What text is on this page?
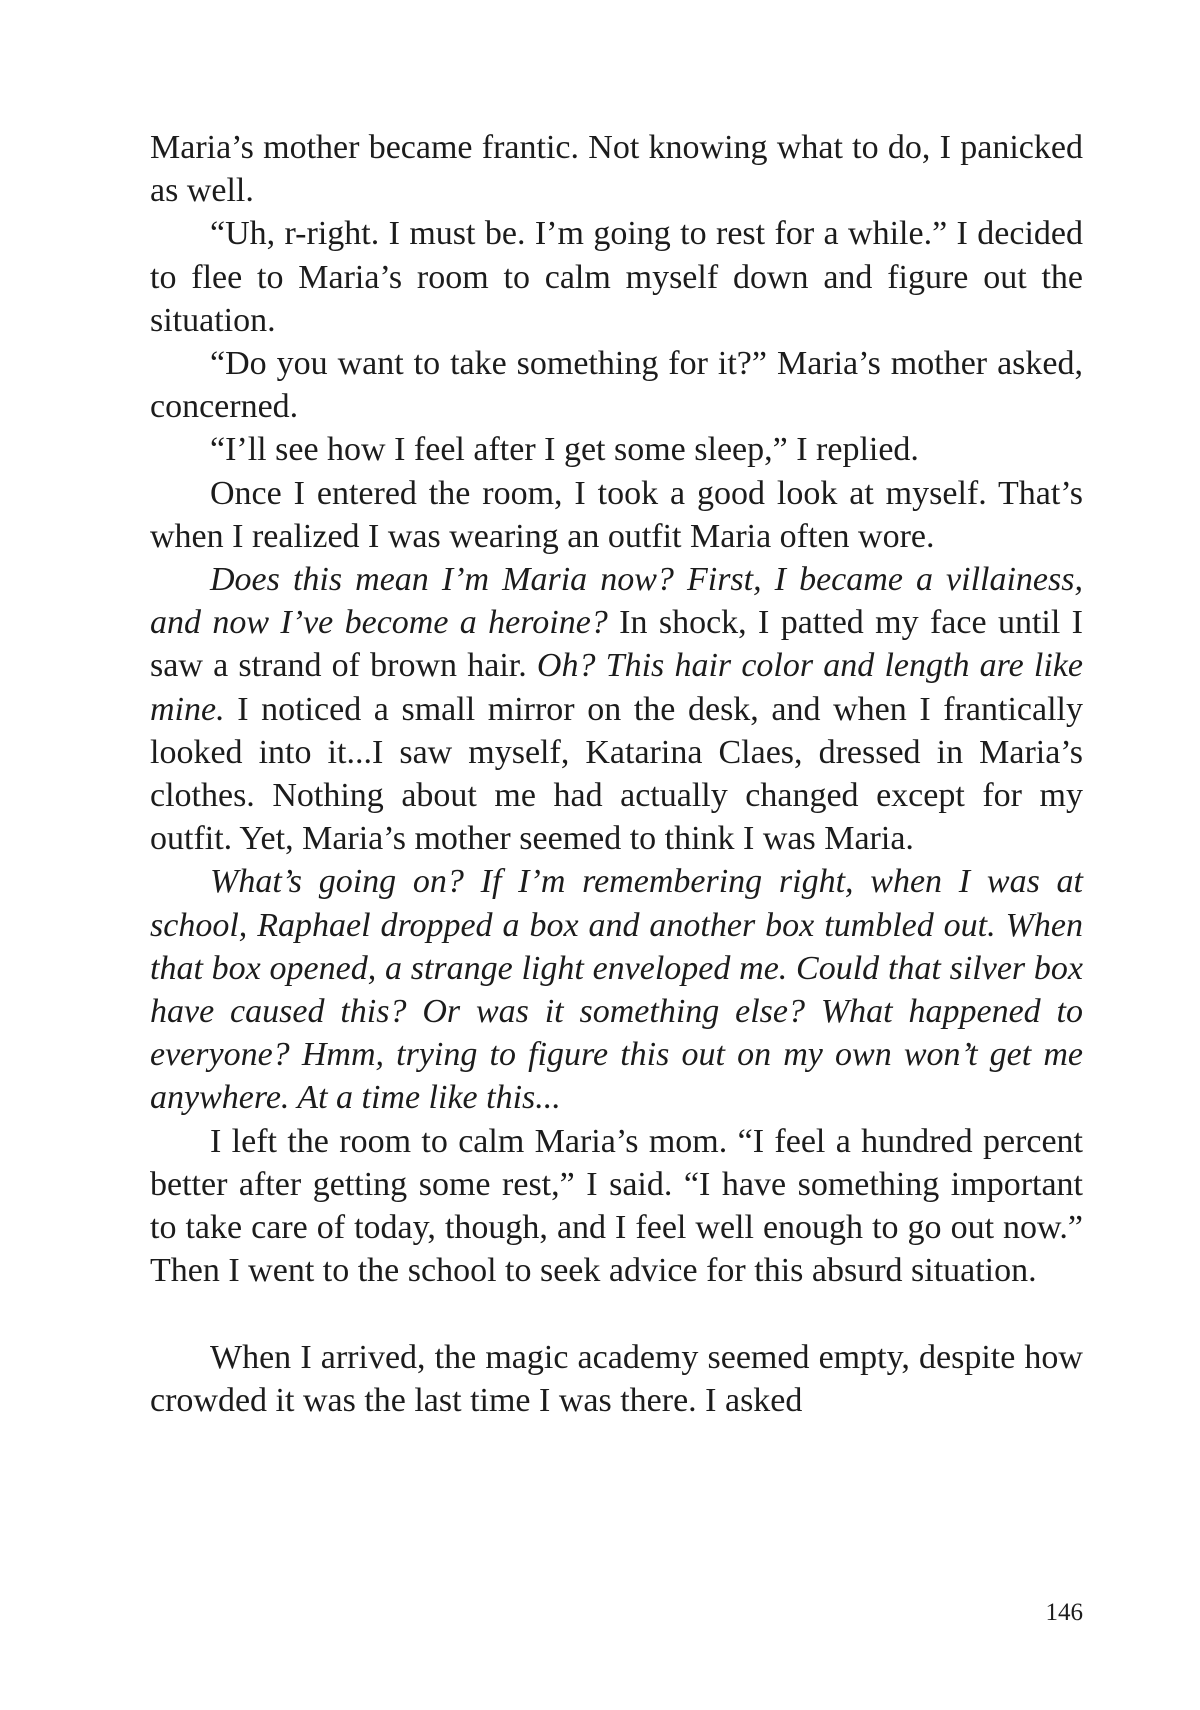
Maria’s mother became frantic. Not knowing what to do, I panicked as well.

“Uh, r-right. I must be. I’m going to rest for a while.” I decided to flee to Maria’s room to calm myself down and figure out the situation.

“Do you want to take something for it?” Maria’s mother asked, concerned.

“I’ll see how I feel after I get some sleep,” I replied.

Once I entered the room, I took a good look at myself. That’s when I realized I was wearing an outfit Maria often wore.

Does this mean I’m Maria now? First, I became a villainess, and now I’ve become a heroine? In shock, I patted my face until I saw a strand of brown hair. Oh? This hair color and length are like mine. I noticed a small mirror on the desk, and when I frantically looked into it...I saw myself, Katarina Claes, dressed in Maria’s clothes. Nothing about me had actually changed except for my outfit. Yet, Maria’s mother seemed to think I was Maria.

What’s going on? If I’m remembering right, when I was at school, Raphael dropped a box and another box tumbled out. When that box opened, a strange light enveloped me. Could that silver box have caused this? Or was it something else? What happened to everyone? Hmm, trying to figure this out on my own won’t get me anywhere. At a time like this...

I left the room to calm Maria’s mom. “I feel a hundred percent better after getting some rest,” I said. “I have something important to take care of today, though, and I feel well enough to go out now.” Then I went to the school to seek advice for this absurd situation.

When I arrived, the magic academy seemed empty, despite how crowded it was the last time I was there. I asked

146
